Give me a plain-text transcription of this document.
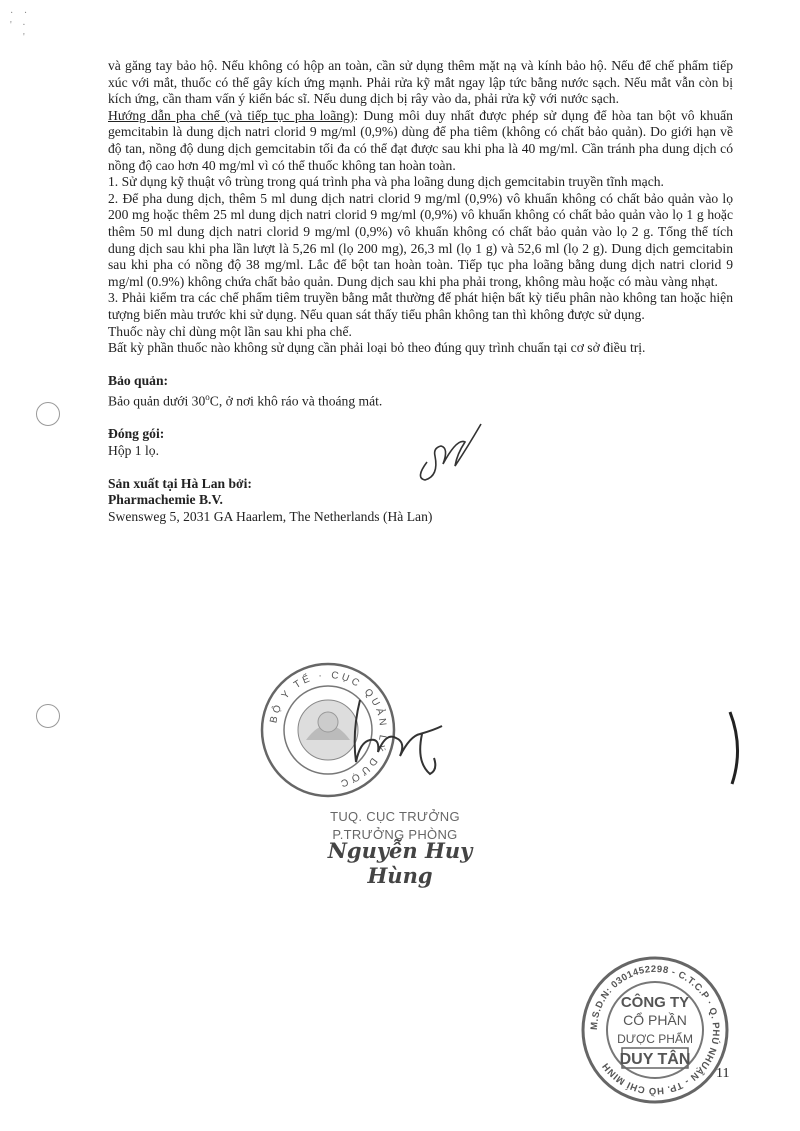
· ·
' ·
'

và găng tay bảo hộ. Nếu không có hộp an toàn, cần sử dụng thêm mặt nạ và kính bảo hộ. Nếu để chế phẩm tiếp xúc với mắt, thuốc có thể gây kích ứng mạnh. Phải rửa kỹ mắt ngay lập tức bằng nước sạch. Nếu mắt vẫn còn bị kích ứng, cần tham vấn ý kiến bác sĩ. Nếu dung dịch bị rây vào da, phải rửa kỹ với nước sạch.

Hướng dẫn pha chế (và tiếp tục pha loãng): Dung môi duy nhất được phép sử dụng để hòa tan bột vô khuẩn gemcitabin là dung dịch natri clorid 9 mg/ml (0,9%) dùng để pha tiêm (không có chất bảo quản). Do giới hạn về độ tan, nồng độ dung dịch gemcitabin tối đa có thể đạt được sau khi pha là 40 mg/ml. Cần tránh pha dung dịch có nồng độ cao hơn 40 mg/ml vì có thể thuốc không tan hoàn toàn.

1. Sử dụng kỹ thuật vô trùng trong quá trình pha và pha loãng dung dịch gemcitabin truyền tĩnh mạch.

2. Để pha dung dịch, thêm 5 ml dung dịch natri clorid 9 mg/ml (0,9%) vô khuẩn không có chất bảo quản vào lọ 200 mg hoặc thêm 25 ml dung dịch natri clorid 9 mg/ml (0,9%) vô khuẩn không có chất bảo quản vào lọ 1 g hoặc thêm 50 ml dung dịch natri clorid 9 mg/ml (0,9%) vô khuẩn không có chất bảo quản vào lọ 2 g. Tổng thể tích dung dịch sau khi pha lần lượt là 5,26 ml (lọ 200 mg), 26,3 ml (lọ 1 g) và 52,6 ml (lọ 2 g). Dung dịch gemcitabin sau khi pha có nồng độ 38 mg/ml. Lắc để bột tan hoàn toàn. Tiếp tục pha loãng bằng dung dịch natri clorid 9 mg/ml (0.9%) không chứa chất bảo quản. Dung dịch sau khi pha phải trong, không màu hoặc có màu vàng nhạt.

3. Phải kiểm tra các chế phẩm tiêm truyền bằng mắt thường để phát hiện bất kỳ tiểu phân nào không tan hoặc hiện tượng biến màu trước khi sử dụng. Nếu quan sát thấy tiểu phân không tan thì không được sử dụng.

Thuốc này chỉ dùng một lần sau khi pha chế.

Bất kỳ phần thuốc nào không sử dụng cần phải loại bỏ theo đúng quy trình chuẩn tại cơ sở điều trị.

Bảo quản:

Bảo quản dưới 30$^o$C, ở nơi khô ráo và thoáng mát.

Đóng gói:

Hộp 1 lọ.

Sản xuất tại Hà Lan bởi:

Pharmachemie B.V.

Swensweg 5, 2031 GA Haarlem, The Netherlands (Hà Lan)

BỘ Y TẾ · CỤC QUẢN LÝ DƯỢC
TUQ. CỤC TRƯỞNG
P.TRƯỞNG PHÒNG
Nguyễn Huy Hùng
M.S.D.N: 0301452298 - C.T.C.P · Q. PHÚ NHUẬN - TP. HỒ CHÍ MINH
CÔNG TY
CỔ PHẦN
DƯỢC PHẨM
DUY TÂN
11
